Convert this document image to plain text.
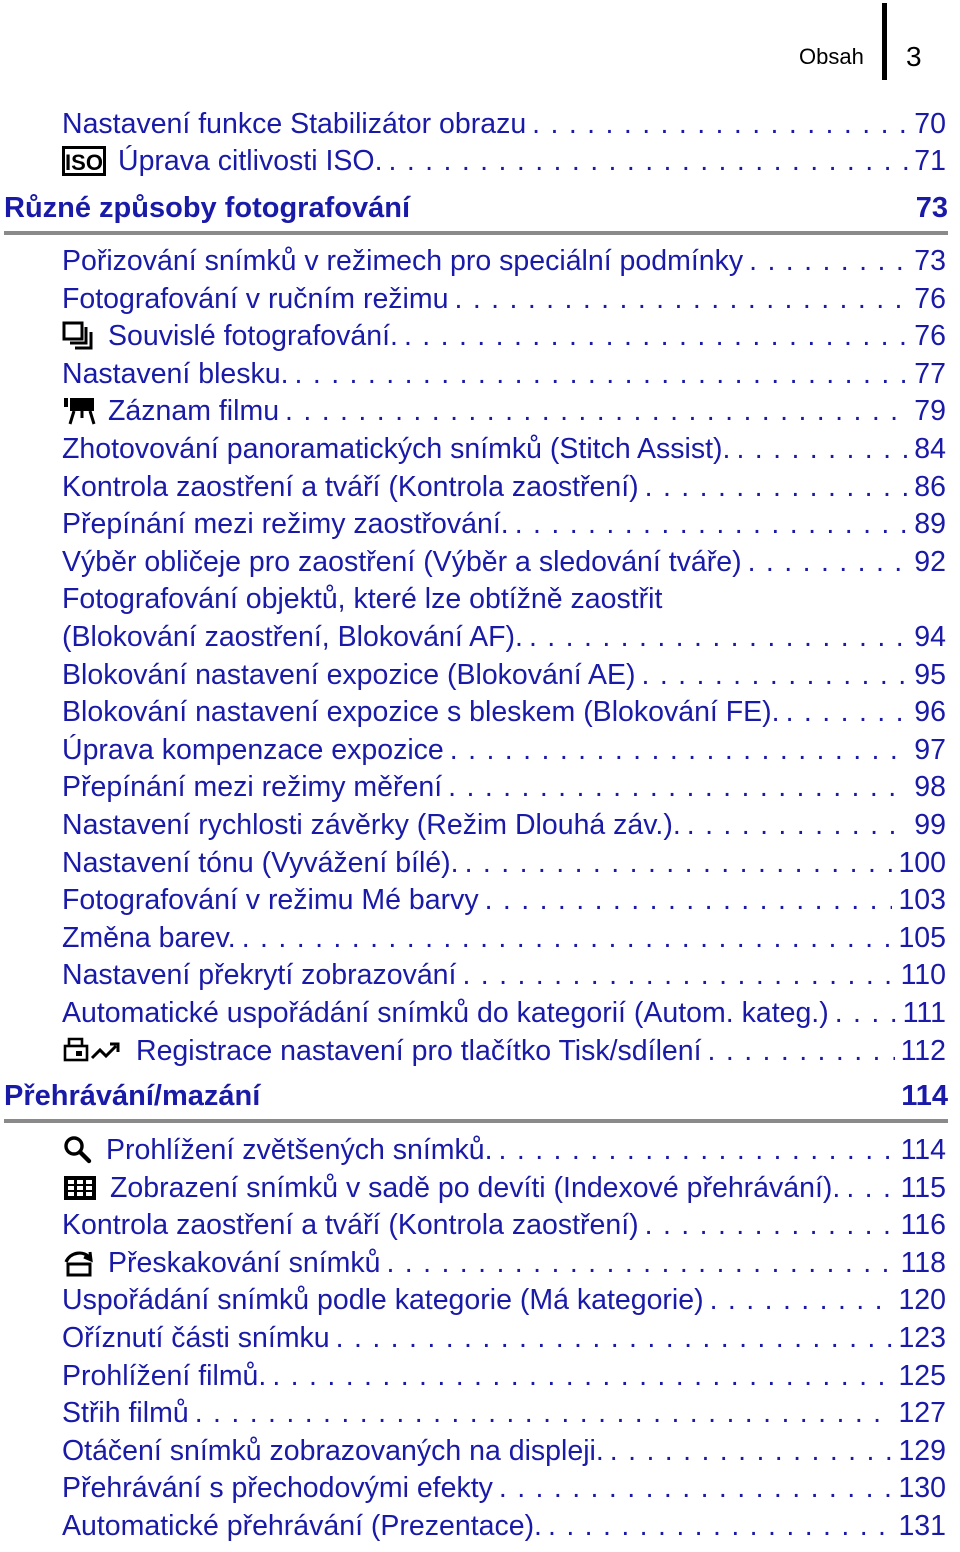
Obsah 3
Nastavení funkce Stabilizátor obrazu . . .	70
ISO Úprava citlivosti ISO. . . .	71
Různé způsoby fotografování	73
Pořizování snímků v režimech pro speciální podmínky . . .	73
Fotografování v ručním režimu . . .	76
Souvislé fotografování. . . .	76
Nastavení blesku. . . .	77
Záznam filmu . . .	79
Zhotovování panoramatických snímků (Stitch Assist). . . .	84
Kontrola zaostření a tváří (Kontrola zaostření) . . .	86
Přepínání mezi režimy zaostřování. . . .	89
Výběr obličeje pro zaostření (Výběr a sledování tváře) . . .	92
Fotografování objektů, které lze obtížně zaostřit
(Blokování zaostření, Blokování AF). . . .	94
Blokování nastavení expozice (Blokování AE) . . .	95
Blokování nastavení expozice s bleskem (Blokování FE). . . .	96
Úprava kompenzace expozice . . .	97
Přepínání mezi režimy měření . . .	98
Nastavení rychlosti závěrky (Režim Dlouhá záv.). . . .	99
Nastavení tónu (Vyvážení bílé). . . .	100
Fotografování v režimu Mé barvy . . .	103
Změna barev. . . .	105
Nastavení překrytí zobrazování . . .	110
Automatické uspořádání snímků do kategorií (Autom. kateg.) . . .	111
Registrace nastavení pro tlačítko Tisk/sdílení . . .	112
Přehrávání/mazání	114
Prohlížení zvětšených snímků. . . .	114
Zobrazení snímků v sadě po devíti (Indexové přehrávání). . . . 115
Kontrola zaostření a tváří (Kontrola zaostření) . . .	116
Přeskakování snímků . . .	118
Uspořádání snímků podle kategorie (Má kategorie) . . .	120
Oříznutí části snímku . . .	123
Prohlížení filmů. . . .	125
Střih filmů . . .	127
Otáčení snímků zobrazovaných na displeji. . . .	129
Přehrávání s přechodovými efekty . . .	130
Automatické přehrávání (Prezentace). . . .	131
